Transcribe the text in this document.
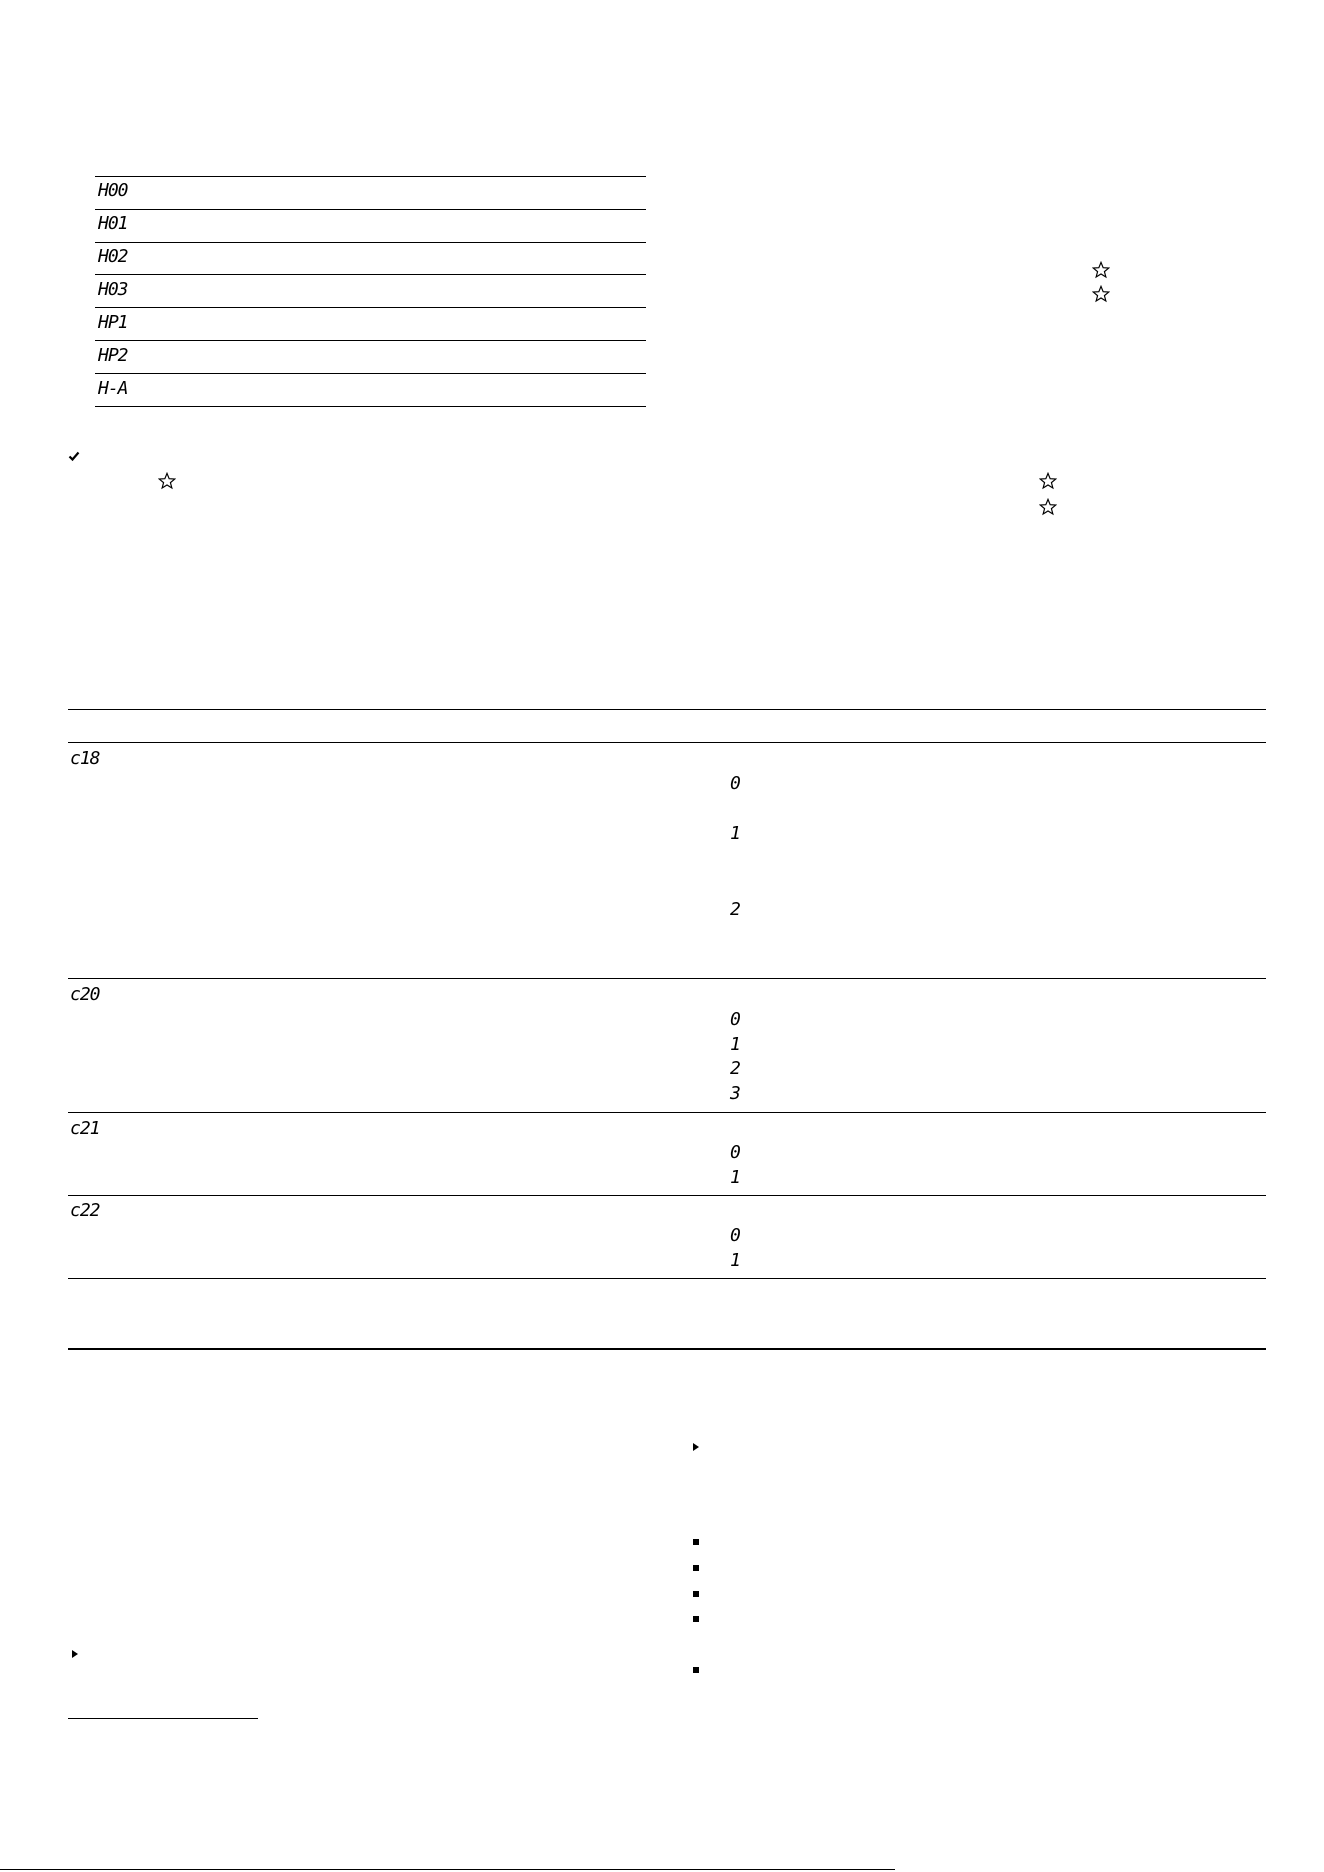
H00
H01
H02
H03
HP1
HP2
H-A
c18
0
1
2
c20
0
1
2
3
c21
0
1
c22
0
1
